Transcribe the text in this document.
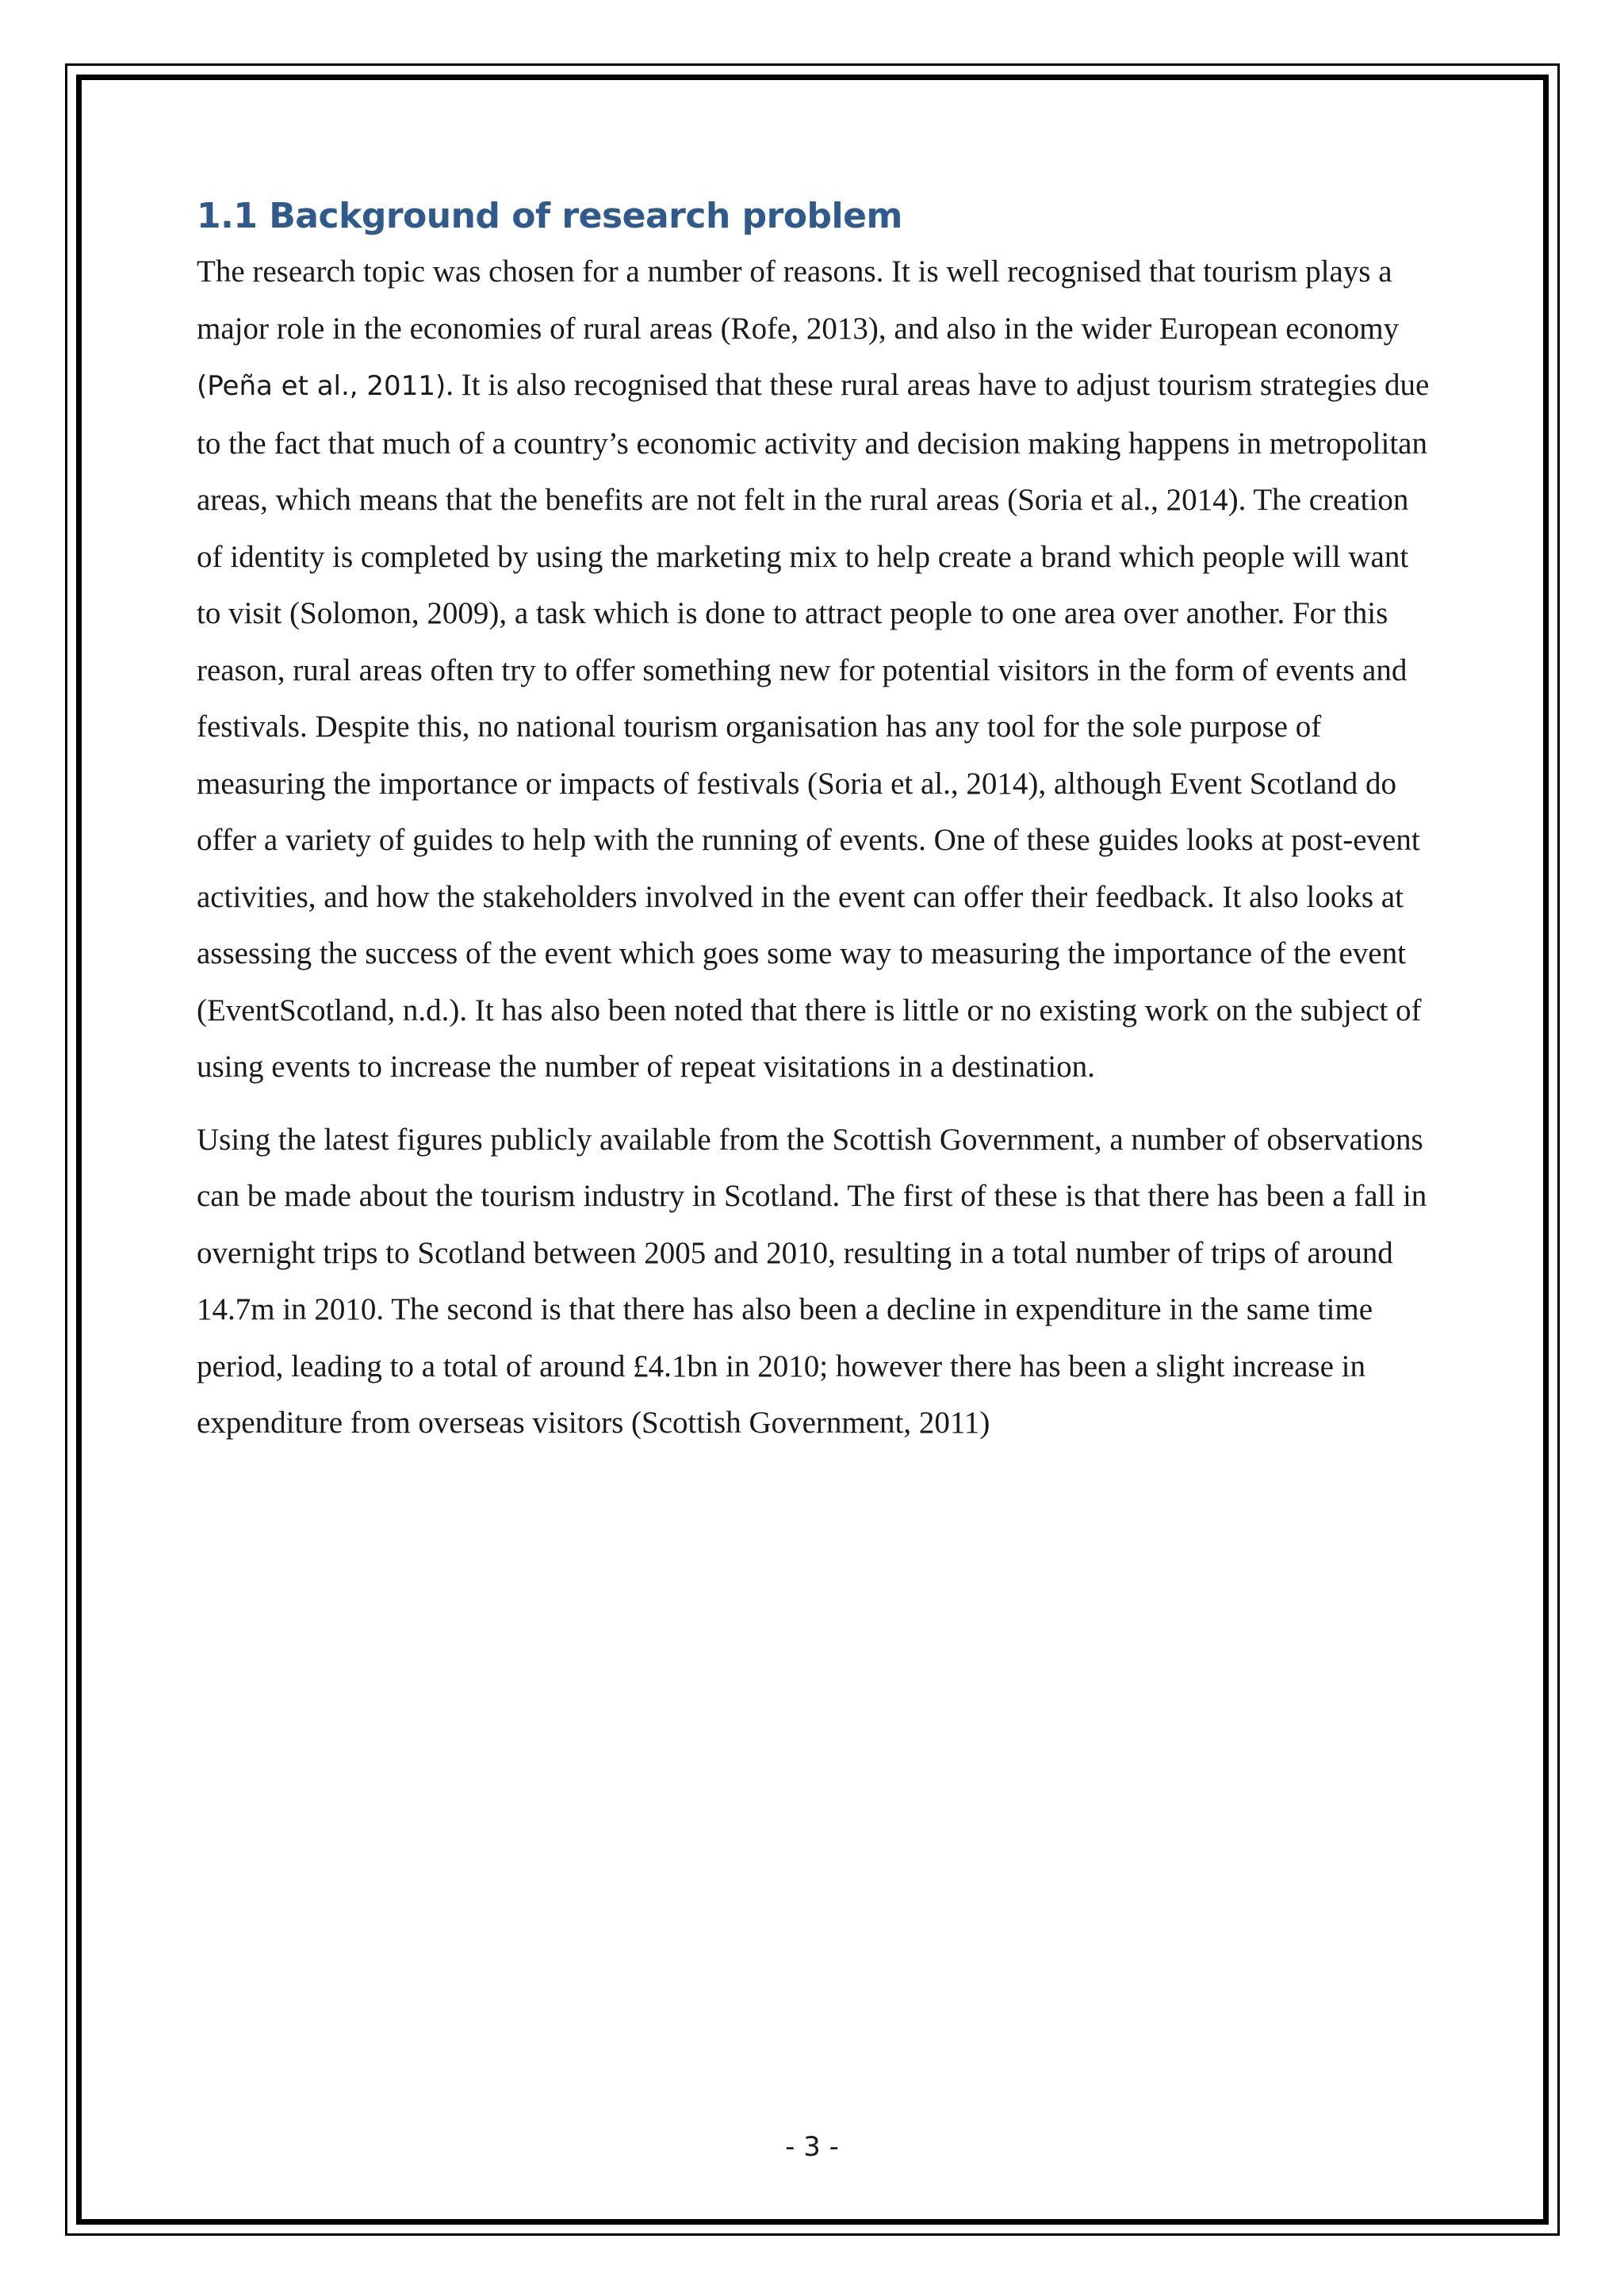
1.1 Background of research problem

The research topic was chosen for a number of reasons. It is well recognised that tourism plays a major role in the economies of rural areas (Rofe, 2013), and also in the wider European economy (Peña et al., 2011). It is also recognised that these rural areas have to adjust tourism strategies due to the fact that much of a country’s economic activity and decision making happens in metropolitan areas, which means that the benefits are not felt in the rural areas (Soria et al., 2014). The creation of identity is completed by using the marketing mix to help create a brand which people will want to visit (Solomon, 2009), a task which is done to attract people to one area over another. For this reason, rural areas often try to offer something new for potential visitors in the form of events and festivals. Despite this, no national tourism organisation has any tool for the sole purpose of measuring the importance or impacts of festivals (Soria et al., 2014), although Event Scotland do offer a variety of guides to help with the running of events. One of these guides looks at post-event activities, and how the stakeholders involved in the event can offer their feedback. It also looks at assessing the success of the event which goes some way to measuring the importance of the event (EventScotland, n.d.). It has also been noted that there is little or no existing work on the subject of using events to increase the number of repeat visitations in a destination.

Using the latest figures publicly available from the Scottish Government, a number of observations can be made about the tourism industry in Scotland. The first of these is that there has been a fall in overnight trips to Scotland between 2005 and 2010, resulting in a total number of trips of around 14.7m in 2010. The second is that there has also been a decline in expenditure in the same time period, leading to a total of around £4.1bn in 2010; however there has been a slight increase in expenditure from overseas visitors (Scottish Government, 2011)

- 3 -
